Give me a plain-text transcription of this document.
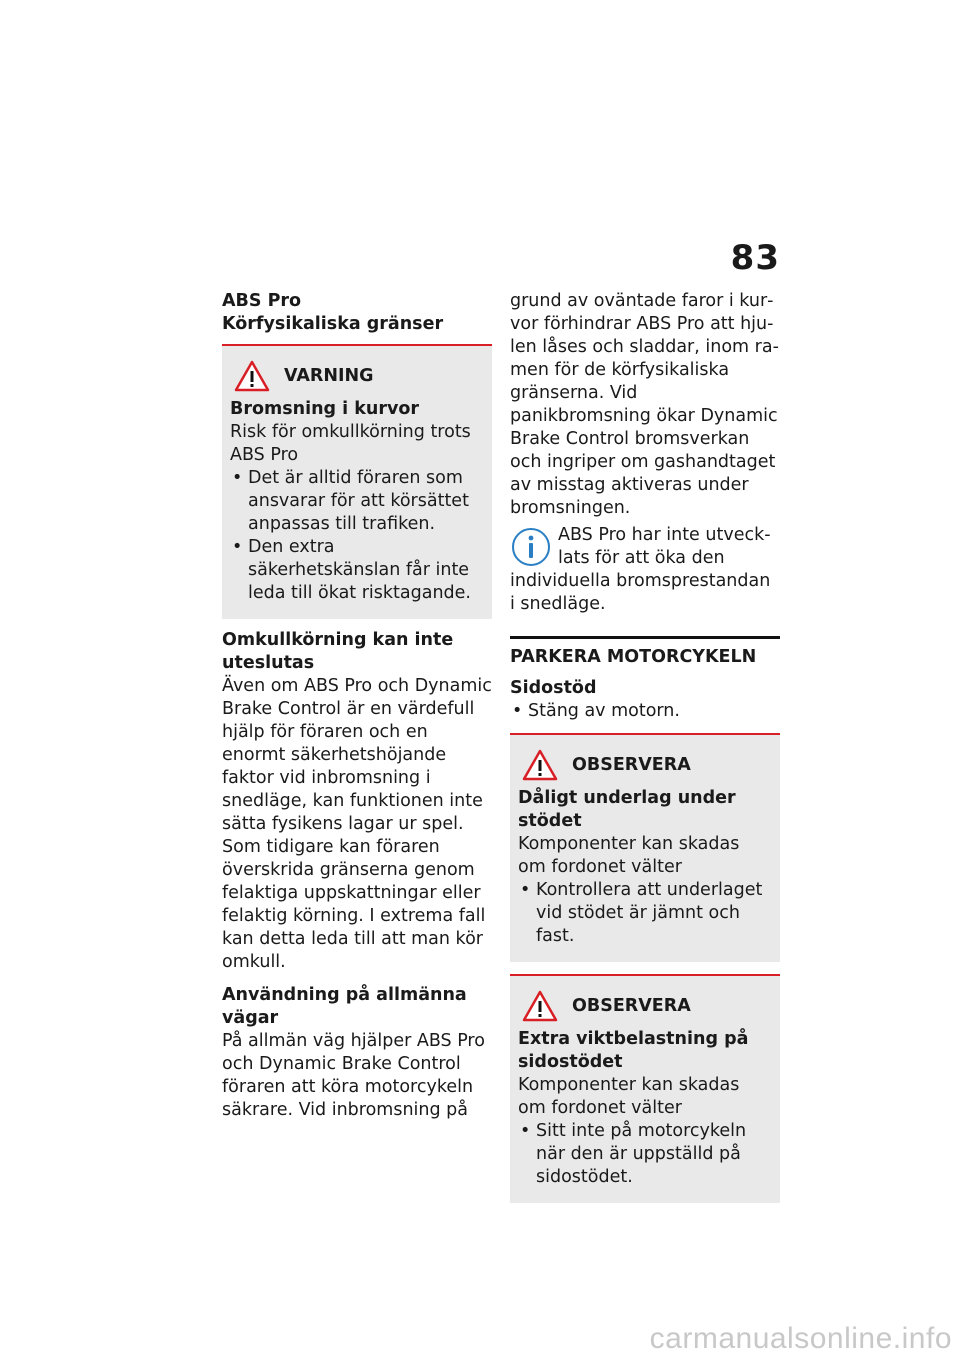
83

ABS Pro

Körfysikaliska gränser

VARNING

Bromsning i kurvor

Risk för omkullkörning trots ABS Pro

• Det är alltid föraren som ansvarar för att körsättet anpassas till trafiken.
• Den extra säkerhetskänslan får inte leda till ökat risktagande.

Omkullkörning kan inte uteslutas

Även om ABS Pro och Dynamic Brake Control är en värdefull hjälp för föraren och en enormt säkerhetshöjande faktor vid inbromsning i snedläge, kan funktionen inte sätta fysikens lagar ur spel. Som tidigare kan föraren överskrida gränserna genom felaktiga uppskattningar eller felaktig körning. I extrema fall kan detta leda till att man kör omkull.

Användning på allmänna vägar

På allmän väg hjälper ABS Pro och Dynamic Brake Control föraren att köra motorcykeln säkrare. Vid inbromsning på

grund av oväntade faror i kurvor förhindrar ABS Pro att hjulen låses och sladdar, inom ramen för de körfysikaliska gränserna. Vid panikbromsning ökar Dynamic Brake Control bromsverkan och ingriper om gashandtaget av misstag aktiveras under bromsningen.

ABS Pro har inte utvecklats för att öka den individuella bromsprestandan i snedläge.

PARKERA MOTORCYKELN

Sidostöd

• Stäng av motorn.
OBSERVERA

Dåligt underlag under stödet

Komponenter kan skadas om fordonet välter

• Kontrollera att underlaget vid stödet är jämnt och fast.
OBSERVERA

Extra viktbelastning på sidostödet

Komponenter kan skadas om fordonet välter

• Sitt inte på motorcykeln när den är uppställd på sidostödet.
carmanualsonline.info
